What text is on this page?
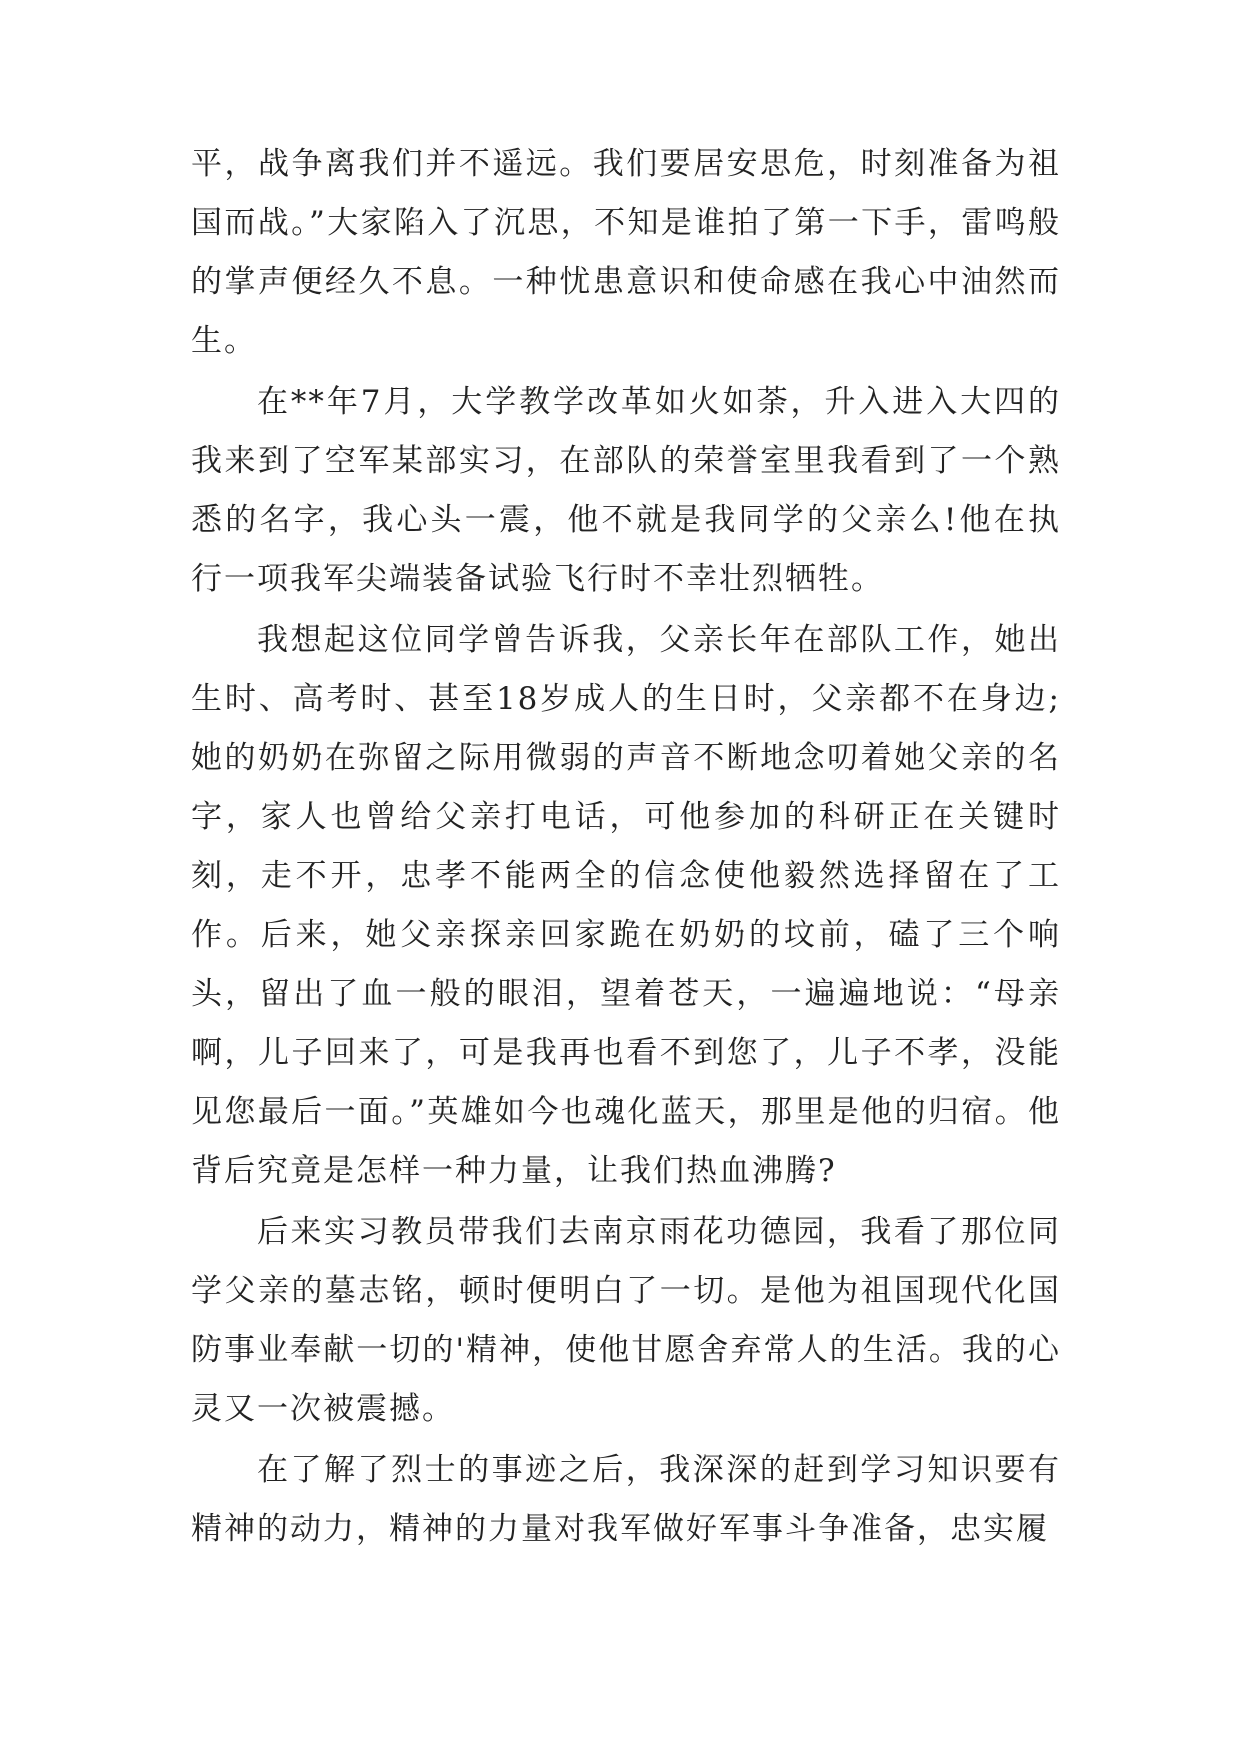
平，战争离我们并不遥远。我们要居安思危，时刻准备为祖国而战。”大家陷入了沉思，不知是谁拍了第一下手，雷鸣般的掌声便经久不息。一种忧患意识和使命感在我心中油然而生。

在**年7月，大学教学改革如火如荼，升入进入大四的我来到了空军某部实习，在部队的荣誉室里我看到了一个熟悉的名字，我心头一震，他不就是我同学的父亲么!他在执行一项我军尖端装备试验飞行时不幸壮烈牺牲。

我想起这位同学曾告诉我，父亲长年在部队工作，她出生时、高考时、甚至18岁成人的生日时，父亲都不在身边;她的奶奶在弥留之际用微弱的声音不断地念叨着她父亲的名字，家人也曾给父亲打电话，可他参加的科研正在关键时刻，走不开，忠孝不能两全的信念使他毅然选择留在了工作。后来，她父亲探亲回家跪在奶奶的坟前，磕了三个响头，留出了血一般的眼泪，望着苍天，一遍遍地说：“母亲啊，儿子回来了，可是我再也看不到您了，儿子不孝，没能见您最后一面。”英雄如今也魂化蓝天，那里是他的归宿。他背后究竟是怎样一种力量，让我们热血沸腾?

后来实习教员带我们去南京雨花功德园，我看了那位同学父亲的墓志铭，顿时便明白了一切。是他为祖国现代化国防事业奉献一切的'精神，使他甘愿舍弃常人的生活。我的心灵又一次被震撼。

在了解了烈士的事迹之后，我深深的赶到学习知识要有精神的动力，精神的力量对我军做好军事斗争准备，忠实履
